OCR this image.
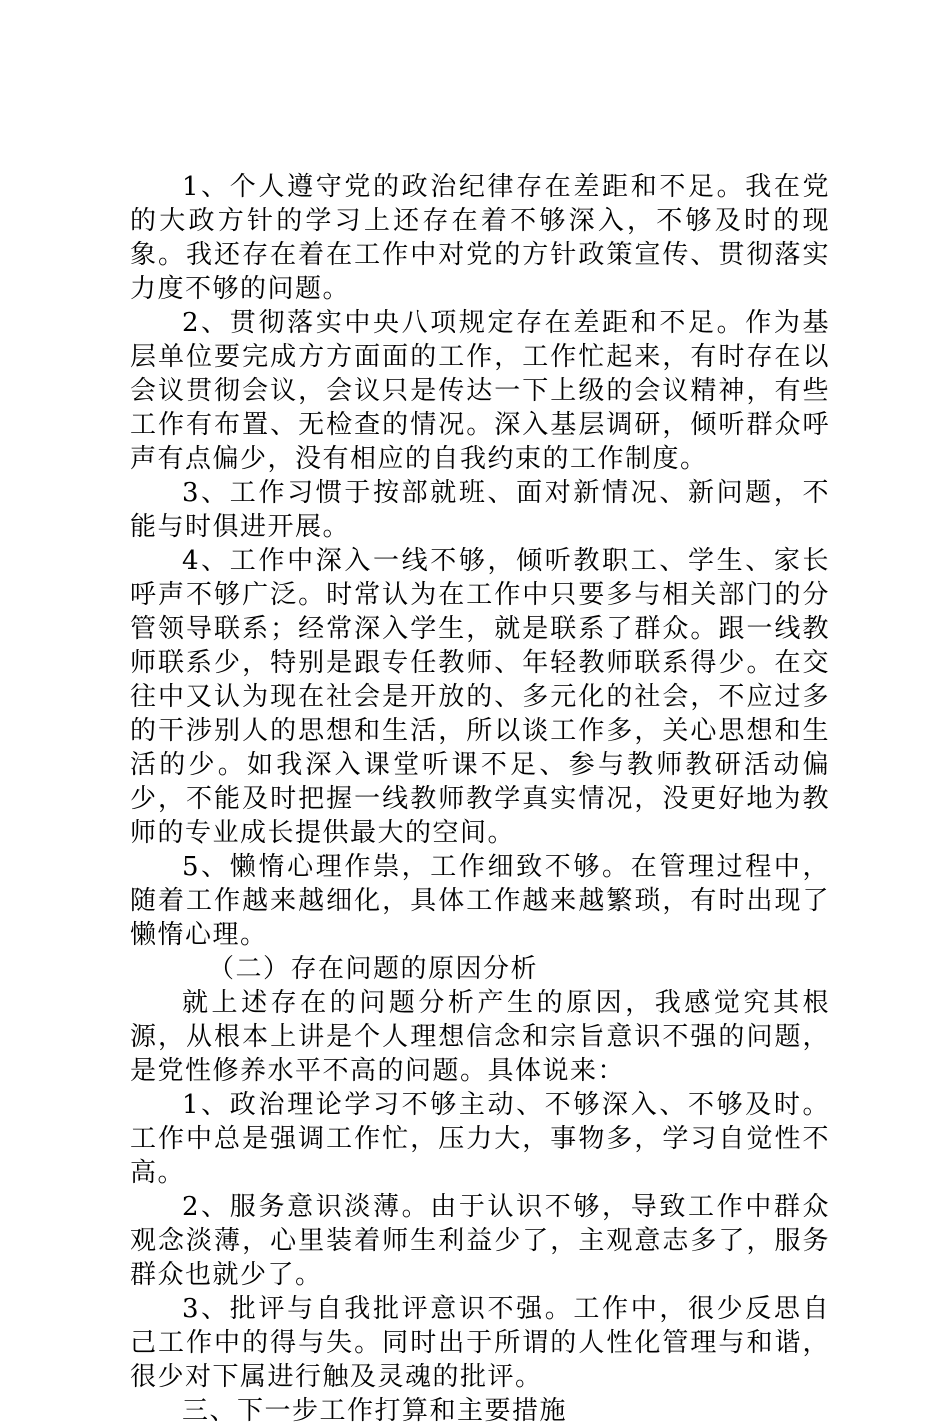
1、个人遵守党的政治纪律存在差距和不足。我在党的大政方针的学习上还存在着不够深入，不够及时的现象。我还存在着在工作中对党的方针政策宣传、贯彻落实力度不够的问题。

2、贯彻落实中央八项规定存在差距和不足。作为基层单位要完成方方面面的工作，工作忙起来，有时存在以会议贯彻会议，会议只是传达一下上级的会议精神，有些工作有布置、无检查的情况。深入基层调研，倾听群众呼声有点偏少，没有相应的自我约束的工作制度。

3、工作习惯于按部就班、面对新情况、新问题，不能与时俱进开展。

4、工作中深入一线不够，倾听教职工、学生、家长呼声不够广泛。时常认为在工作中只要多与相关部门的分管领导联系；经常深入学生，就是联系了群众。跟一线教师联系少，特别是跟专任教师、年轻教师联系得少。在交往中又认为现在社会是开放的、多元化的社会，不应过多的干涉别人的思想和生活，所以谈工作多，关心思想和生活的少。如我深入课堂听课不足、参与教师教研活动偏少，不能及时把握一线教师教学真实情况，没更好地为教师的专业成长提供最大的空间。

5、懒惰心理作祟，工作细致不够。在管理过程中，随着工作越来越细化，具体工作越来越繁琐，有时出现了懒惰心理。

（二）存在问题的原因分析

就上述存在的问题分析产生的原因，我感觉究其根源，从根本上讲是个人理想信念和宗旨意识不强的问题，是党性修养水平不高的问题。具体说来：

1、政治理论学习不够主动、不够深入、不够及时。工作中总是强调工作忙，压力大，事物多，学习自觉性不高。

2、服务意识淡薄。由于认识不够，导致工作中群众观念淡薄，心里装着师生利益少了，主观意志多了，服务群众也就少了。

3、批评与自我批评意识不强。工作中，很少反思自己工作中的得与失。同时出于所谓的人性化管理与和谐，很少对下属进行触及灵魂的批评。

三、下一步工作打算和主要措施
